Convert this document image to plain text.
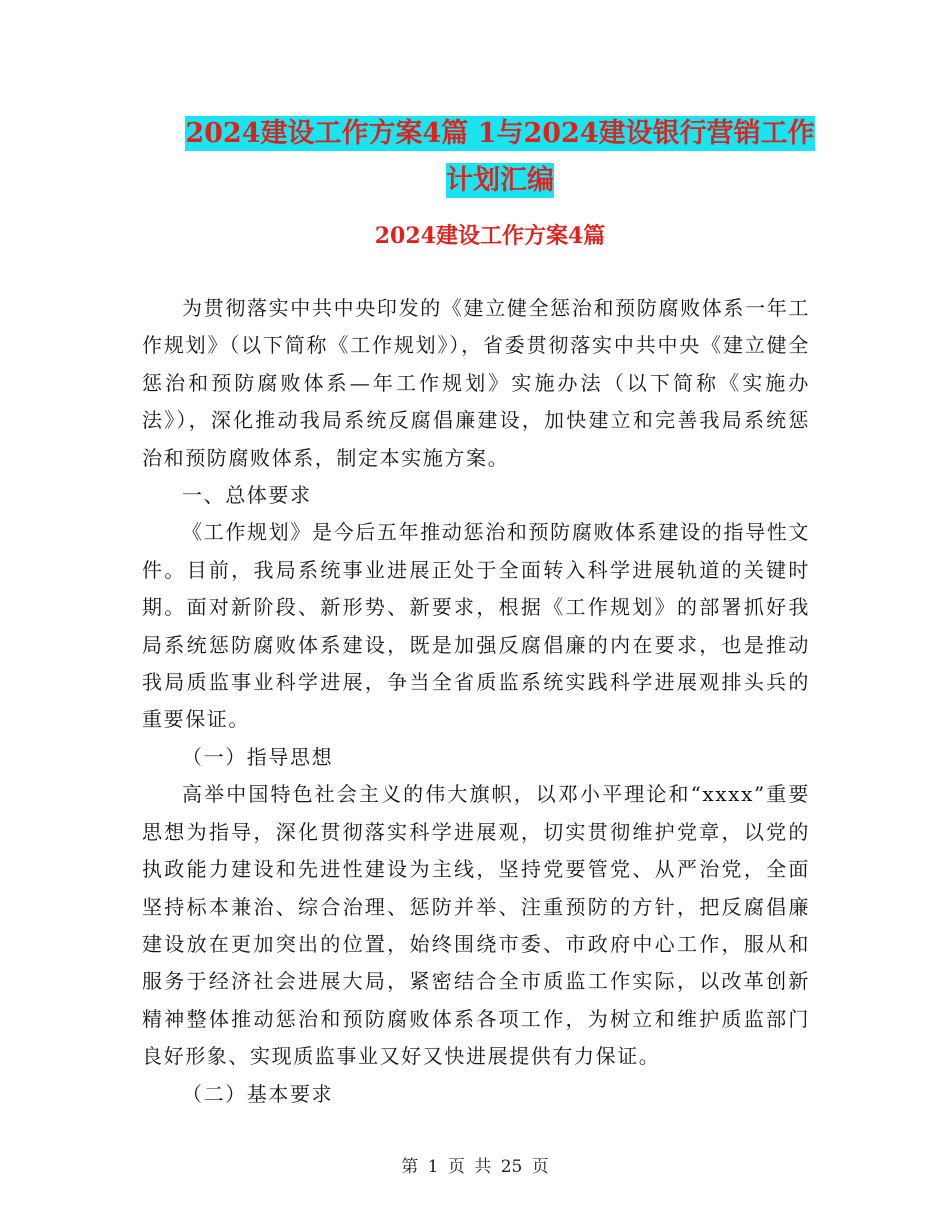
2024建设工作方案4篇 1与2024建设银行营销工作
计划汇编
2024建设工作方案4篇

为贯彻落实中共中央印发的《建立健全惩治和预防腐败体系一年工作规划》（以下简称《工作规划》），省委贯彻落实中共中央《建立健全惩治和预防腐败体系—年工作规划》实施办法（以下简称《实施办法》），深化推动我局系统反腐倡廉建设，加快建立和完善我局系统惩治和预防腐败体系，制定本实施方案。

一、总体要求

《工作规划》是今后五年推动惩治和预防腐败体系建设的指导性文件。目前，我局系统事业进展正处于全面转入科学进展轨道的关键时期。面对新阶段、新形势、新要求，根据《工作规划》的部署抓好我局系统惩防腐败体系建设，既是加强反腐倡廉的内在要求，也是推动我局质监事业科学进展，争当全省质监系统实践科学进展观排头兵的重要保证。

（一）指导思想

高举中国特色社会主义的伟大旗帜，以邓小平理论和“xxxx”重要思想为指导，深化贯彻落实科学进展观，切实贯彻维护党章，以党的执政能力建设和先进性建设为主线，坚持党要管党、从严治党，全面坚持标本兼治、综合治理、惩防并举、注重预防的方针，把反腐倡廉建设放在更加突出的位置，始终围绕市委、市政府中心工作，服从和服务于经济社会进展大局，紧密结合全市质监工作实际，以改革创新精神整体推动惩治和预防腐败体系各项工作，为树立和维护质监部门良好形象、实现质监事业又好又快进展提供有力保证。

（二）基本要求

第 1 页 共 25 页
